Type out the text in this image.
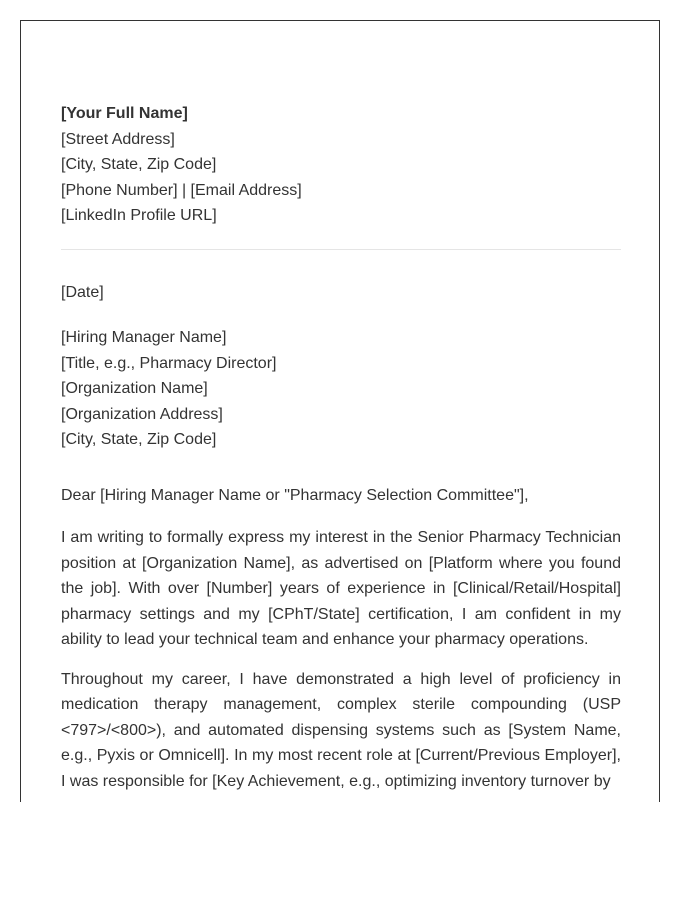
[Your Full Name]
[Street Address]
[City, State, Zip Code]
[Phone Number] | [Email Address]
[LinkedIn Profile URL]
[Date]
[Hiring Manager Name]
[Title, e.g., Pharmacy Director]
[Organization Name]
[Organization Address]
[City, State, Zip Code]
Dear [Hiring Manager Name or "Pharmacy Selection Committee"],

I am writing to formally express my interest in the Senior Pharmacy Technician position at [Organization Name], as advertised on [Platform where you found the job]. With over [Number] years of experience in [Clinical/Retail/Hospital] pharmacy settings and my [CPhT/State] certification, I am confident in my ability to lead your technical team and enhance your pharmacy operations.

Throughout my career, I have demonstrated a high level of proficiency in medication therapy management, complex sterile compounding (USP <797>/<800>), and automated dispensing systems such as [System Name, e.g., Pyxis or Omnicell]. In my most recent role at [Current/Previous Employer], I was responsible for [Key Achievement, e.g., optimizing inventory turnover by
